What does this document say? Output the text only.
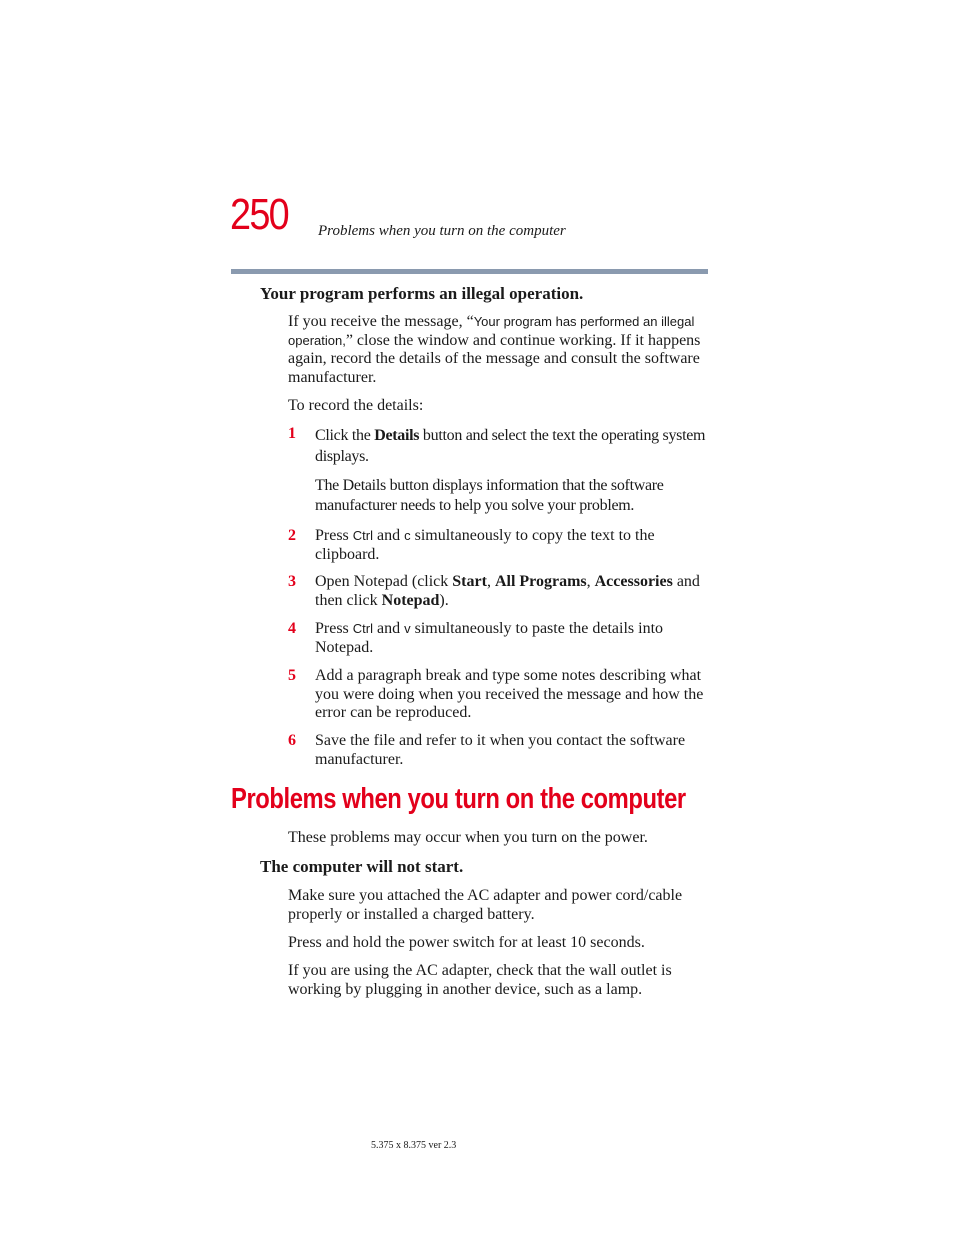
250 Problems when you turn on the computer
Your program performs an illegal operation.
If you receive the message, “Your program has performed an illegal operation,” close the window and continue working. If it happens again, record the details of the message and consult the software manufacturer.
To record the details:
1 Click the Details button and select the text the operating system displays.
The Details button displays information that the software manufacturer needs to help you solve your problem.
2 Press Ctrl and c simultaneously to copy the text to the clipboard.
3 Open Notepad (click Start, All Programs, Accessories and then click Notepad).
4 Press Ctrl and v simultaneously to paste the details into Notepad.
5 Add a paragraph break and type some notes describing what you were doing when you received the message and how the error can be reproduced.
6 Save the file and refer to it when you contact the software manufacturer.
Problems when you turn on the computer
These problems may occur when you turn on the power.
The computer will not start.
Make sure you attached the AC adapter and power cord/cable properly or installed a charged battery.
Press and hold the power switch for at least 10 seconds.
If you are using the AC adapter, check that the wall outlet is working by plugging in another device, such as a lamp.
5.375 x 8.375 ver 2.3
